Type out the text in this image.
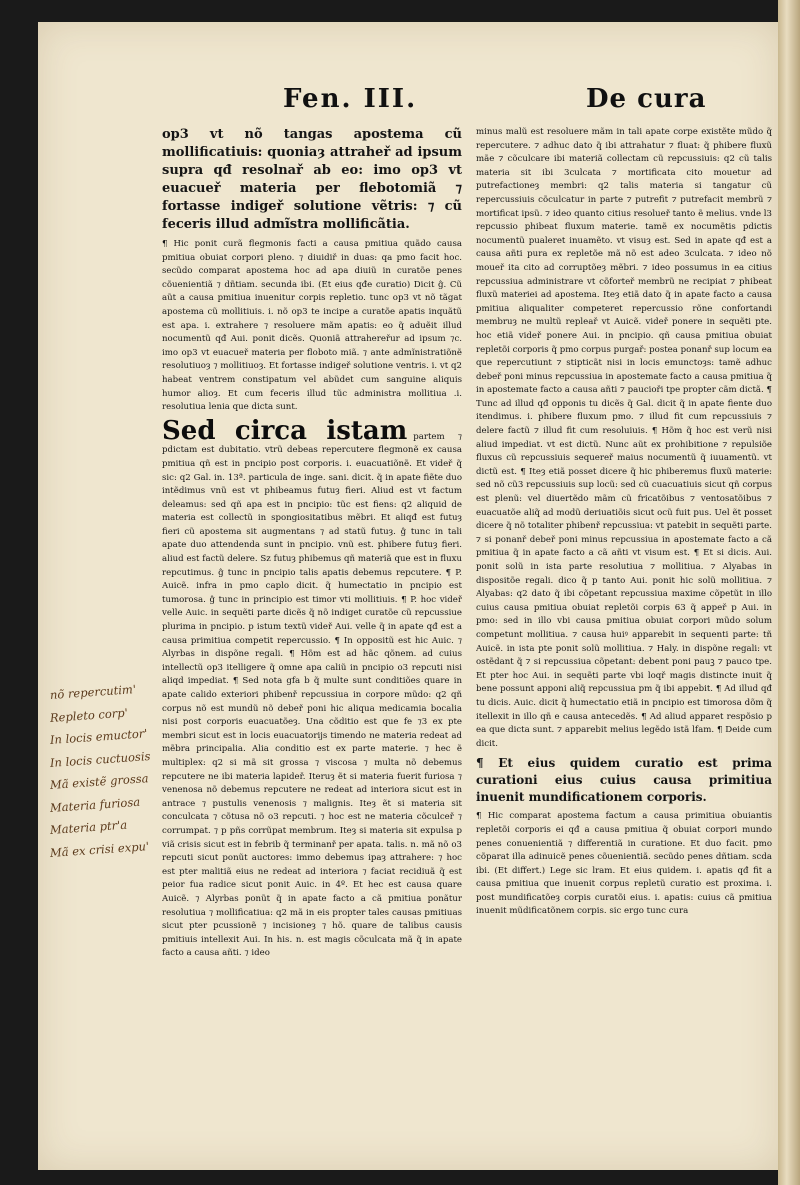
Fen. III.	De cura

op3 vt nõ tangas apostema cũ mollificatiuis: quoniaȝ attraheř ad ipsum supra qđ resolnař ab eo: imo op3 vt euacueř materia per flebotomiã ⁊ fortasse indigeř solutione vẽtris: ⁊ cũ feceris illud admĩstra mollificãtia.

¶ Hic ponit curã flegmonis facti a causa pmitiua quãdo causa pmitiua obuiat corpori pleno. ⁊ diuidiř in duas: qa pmo facit hoc. secũdo comparat apostema hoc ad apa diuiũ in curatõe penes cõuenientiã ⁊ dñtiam. secunda ibi. (Et eius qđe curatio) Dicit ĝ. Cũ aũt a causa pmitiua inuenitur corpis repletio. tunc op3 vt nõ tãgat apostema cũ mollitiuis. i. nõ op3 te incipe a curatõe apatis inquãtũ est apa. i. extrahere ⁊ resoluere mãm apatis: eo q̃ aduẽit illud nocumentũ qđ Aui. ponit dicẽs. Quoniã attrahereřur ad ipsum ⁊c. imo op3 vt euacueř materia per floboto miã. ⁊ ante admĩnistratiõnẽ resolutiuoȝ ⁊ mollitiuoȝ. Et fortasse indigeř solutione ventris. i. vt q2 habeat ventrem constipatum vel abũdet cum sanguine aliquis humor alioȝ. Et cum feceris illud tũc administra mollitiua .i. resolutiua lenia que dicta sunt.

Sed circa istam partem ⁊ pdictam est dubitatio. vtrũ debeas repercutere flegmonẽ ex causa pmitiua qñ est in pncipio post corporis. i. euacuatiõnẽ. Et videř q̃ sic: q2 Gal. in. 13ª. particula de inge. sani. dicit. q̃ in apate fiẽte duo intẽdimus vnũ est vt phibeamus futuȝ fieri. Aliud est vt factum deleamus: sed qñ apa est in pncipio: tũc est fiens: q2 aliquid de materia est collectũ in spongiositatibus mẽbri. Et aliqđ est futuȝ fieri cũ apostema sit augmentans ⁊ ad statũ futuȝ. ĝ tunc in tali apate duo attendenda sunt in pncipio. vnũ est. phibere futuȝ fieri. aliud est factũ delere. Sz futuȝ phibemus qñ materiã que est in fluxu repcutimus. ĝ tunc in pncipio talis apatis debemus repcutere. ¶ P. Auicẽ. infra in pmo caplo dicit. q̃ humectatio in pncipio est tumorosa. ĝ tunc in principio est timor vti mollitiuis. ¶ P. hoc videř velle Auic. in sequẽti parte dicẽs q̃ nõ indiget curatõe cũ repcussiue plurima in pncipio. p istum textũ videř Aui. velle q̃ in apate qđ est a causa primitiua competit repercussio. ¶ In oppositũ est hic Auic. ⁊ Alyrbas in dispõne regali. ¶ Hõm est ad hãc qõnem. ad cuius intellectũ op3 itelligere q̃ omne apa caliũ in pncipio o3 repcuti nisi aliqd impediat. ¶ Sed nota gfa b q̃ multe sunt conditiões quare in apate calido exteriori phibenř repcussiua in corpore mũdo: q2 qñ corpus nõ est mundũ nõ debeř poni hic aliqua medicamia bocalia nisi post corporis euacuatõeȝ. Una cõditio est que fe ⁊3 ex pte membri sicut est in locis euacuatorijs timendo ne materia redeat ad mẽbra principalia. Alia conditio est ex parte materie. ⁊ hec ẽ multiplex: q2 si mã sit grossa ⁊ viscosa ⁊ multa nõ debemus repcutere ne ibi materia lapideř. Iteruȝ ẽt si materia fuerit furiosa ⁊ venenosa nõ debemus repcutere ne redeat ad interiora sicut est in antrace ⁊ pustulis venenosis ⁊ malignis. Iteȝ ẽt si materia sit conculcata ⁊ cõtusa nõ o3 repcuti. ⁊ hoc est ne materia cõculceř ⁊ corrumpat. ⁊ p pñs corrũpat membrum. Iteȝ si materia sit expulsa p viã crisis sicut est in febrib q̃ terminanř per apata. talis. n. mã nõ o3 repcuti sicut ponũt auctores: immo debemus ipaȝ attrahere: ⁊ hoc est pter malitiã eius ne redeat ad interiora ⁊ faciat recidiuã q̃ est peior fua radice sicut ponit Auic. in 4º. Et hec est causa quare Auicẽ. ⁊ Alyrbas ponũt q̃ in apate facto a cã pmitiua ponãtur resolutiua ⁊ mollificatiua: q2 mã in eis propter tales causas pmitiuas sicut pter pcussionẽ ⁊ incisioneȝ ⁊ hõ. quare de talibus causis pmitiuis intellexit Aui. In his. n. est magis cõculcata mã q̃ in apate facto a causa añti. ⁊ ideo

minus malũ est resoluere mãm in tali apate corpe existẽte mũdo q̃ repercutere. ⁊ adhuc dato q̃ ibi attrahatur ⁊ fluat: q̃ phibere fluxũ mãe ⁊ cõculcare ibi materiã collectam cũ repcussiuis: q2 cũ talis materia sit ibi 3culcata ⁊ mortificata cito mouetur ad putrefactioneȝ membri: q2 talis materia si tangatur cũ repercussiuis cõculcatur in parte ⁊ putrefit ⁊ putrefacit membrũ ⁊ mortificat ipsũ. ⁊ ideo quanto citius resolueř tanto ẽ melius. vnde l3 repcussio phibeat fluxum materie. tamẽ ex nocumẽtis pdictis nocumentũ pualeret inuamẽto. vt visuȝ est. Sed in apate qđ est a causa añti pura ex repletõe mã nõ est adeo 3culcata. ⁊ ideo nõ moueř ita cito ad corruptõeȝ mẽbri. ⁊ ideo possumus in ea citius repcussiua administrare vt cõforteř membrũ ne recipiat ⁊ phibeat fluxũ materiei ad apostema. Iteȝ etiã dato q̃ in apate facto a causa pmitiua aliqualiter competeret repercussio rõne confortandi membruȝ ne multũ repleař vt Auicẽ. videř ponere in sequẽti pte. hoc etiã videř ponere Aui. in pncipio. qñ causa pmitiua obuiat repletõi corporis q̃ pmo corpus purgař: postea ponanř sup locum ea que repercutiunt ⁊ stipticãt nisi in locis emunctoȝs: tamẽ adhuc debeř poni minus repcussiua in apostemate facto a causa pmitiua q̃ in apostemate facto a causa añti ⁊ paucioři tpe propter cãm dictã. ¶ Tunc ad illud qđ opponis tu dicẽs q̃ Gal. dicit q̃ in apate fiente duo itendimus. i. phibere fluxum pmo. ⁊ illud fit cum repcussiuis ⁊ delere factũ ⁊ illud fit cum resoluiuis. ¶ Hõm q̃ hoc est verũ nisi aliud impediat. vt est dictũ. Nunc aũt ex prohibitione ⁊ repulsiõe fluxus cũ repcussiuis sequereř maius nocumentũ q̃ iuuamentũ. vt dictũ est. ¶ Iteȝ etiã posset dicere q̃ hic phiberemus fluxũ materie: sed nõ cũ3 repcussiuis sup locũ: sed cũ cuacuatiuis sicut qñ corpus est plenũ: vel diuertẽdo mãm cũ fricatõibus ⁊ ventosatõibus ⁊ euacuatõe aliq̃ ad modũ deriuatiõis sicut ocũ fuit pus. Uel ẽt posset dicere q̃ nõ totaliter phibenř repcussiua: vt patebit in sequẽti parte. ⁊ si ponanř debeř poni minus repcussiua in apostemate facto a cã pmitiua q̃ in apate facto a cã añti vt visum est. ¶ Et si dicis. Aui. ponit solũ in ista parte resolutiua ⁊ mollitiua. ⁊ Alyabas in dispositõe regali. dico q̃ p tanto Aui. ponit hic solũ mollitiua. ⁊ Alyabas: q2 dato q̃ ibi cõpetant repcussiua maxime cõpetũt in illo cuius causa pmitiua obuiat repletõi corpis 63 q̃ appeř p Aui. in pmo: sed in illo vbi causa pmitiua obuiat corpori mũdo solum competunt mollitiua. ⁊ causa huiꝰ apparebit in sequenti parte: tñ Auicẽ. in ista pte ponit solũ mollitiua. ⁊ Haly. in dispõne regali: vt ostẽdant q̃ ⁊ si repcussiua cõpetant: debent poni pauꝫ ⁊ pauco tpe. Et pter hoc Aui. in sequẽti parte vbi loqř magis distincte inuit q̃ bene possunt apponi aliq̃ repcussiua pm q̃ ibi appebit. ¶ Ad illud qđ tu dicis. Auic. dicit q̃ humectatio etiã in pncipio est timorosa dõm q̃ itellexit in illo qñ e causa antecedẽs. ¶ Ad aliud apparet respõsio p ea que dicta sunt. ⁊ apparebit melius legẽdo istã lfam. ¶ Deide cum dicit.

¶ Et eius quidem curatio est prima curationi eius cuius causa primitiua inuenit mundificationem corporis.

¶ Hic comparat apostema factum a causa primitiua obuiantis repletõi corporis ei qđ a causa pmitiua q̃ obuiat corpori mundo penes conuenientiã ⁊ differentiã in curatione. Et duo facit. pmo cõparat illa adinuicẽ penes cõuenientiã. secũdo penes dñtiam. scda ibi. (Et differt.) Lege sic lram. Et eius quidem. i. apatis qđ fit a causa pmitiua que inuenit corpus repletũ curatio est proxima. i. post mundificatõeȝ corpis curatõi eius. i. apatis: cuius cã pmitiua inuenit mũdificatõnem corpis. sic ergo tunc cura

nõ repercutim'
Repleto corp'
In locis emuctor'
In locis cuctuosis
Mã existẽ grossa
Materia furiosa
Materia ptr'a
Mã ex crisi expu'
